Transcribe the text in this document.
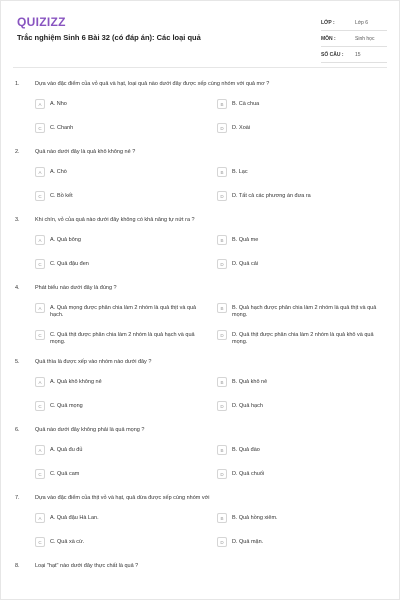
QUIZIZZ
Trắc nghiệm Sinh 6 Bài 32 (có đáp án): Các loại quả
LỚP :	Lớp 6
MÔN :	Sinh học
SỐ CÂU :	15
1.	Dựa vào đặc điểm của vỏ quả và hạt, loại quả nào dưới đây được xếp cùng nhóm với quả mơ ?
A	A. Nho	B	B. Cà chua
C	C. Chanh	D	D. Xoài
2.	Quả nào dưới đây là quả khô không nẻ ?
A	A. Chò	B	B. Lạc
C	C. Bồ kết	D	D. Tất cả các phương án đưa ra
3.	Khi chín, vỏ của quả nào dưới đây không có khả năng tự nứt ra ?
A	A. Quả bông	B	B. Quả me
C	C. Quả đậu đen	D	D. Quả cải
4.	Phát biểu nào dưới đây là đúng ?
A	A. Quả mọng được phân chia làm 2 nhóm là quả thịt và quả hạch.
B	B. Quả hạch được phân chia làm 2 nhóm là quả thịt và quả mọng.
C	C. Quả thịt được phân chia làm 2 nhóm là quả hạch và quả mọng.
D	D. Quả thịt được phân chia làm 2 nhóm là quả khô và quả mọng.
5.	Quả thìa là được xếp vào nhóm nào dưới đây ?
A	A. Quả khô không nẻ	B	B. Quả khô nẻ
C	C. Quả mọng	D	D. Quả hạch
6.	Quả nào dưới đây không phải là quả mọng ?
A	A. Quả đu đủ	B	B. Quả đào
C	C. Quả cam	D	D. Quả chuối
7.	Dựa vào đặc điểm của thịt vỏ và hạt, quả dừa được xếp cùng nhóm với
A	A. Quả đậu Hà Lan.	B	B. Quả hồng xiêm.
C	C. Quả xà cừ.	D	D. Quả mận.
8.	Loại "hạt" nào dưới đây thực chất là quả ?
